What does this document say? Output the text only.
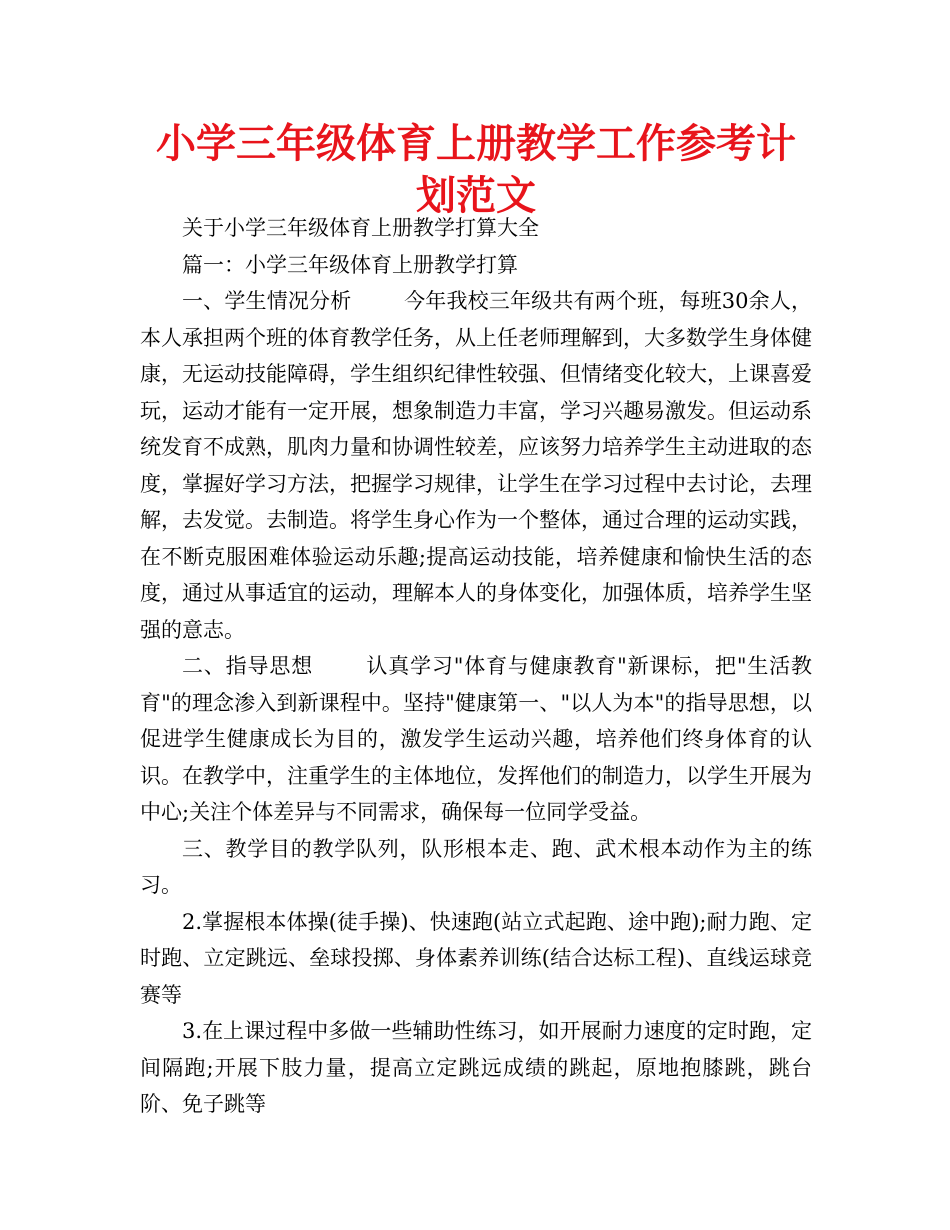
小学三年级体育上册教学工作参考计划范文

关于小学三年级体育上册教学打算大全

篇一：小学三年级体育上册教学打算

一、学生情况分析	今年我校三年级共有两个班，每班30余人，本人承担两个班的体育教学任务，从上任老师理解到，大多数学生身体健康，无运动技能障碍，学生组织纪律性较强、但情绪变化较大，上课喜爱玩，运动才能有一定开展，想象制造力丰富，学习兴趣易激发。但运动系统发育不成熟，肌肉力量和协调性较差，应该努力培养学生主动进取的态度，掌握好学习方法，把握学习规律，让学生在学习过程中去讨论，去理解，去发觉。去制造。将学生身心作为一个整体，通过合理的运动实践，在不断克服困难体验运动乐趣;提高运动技能，培养健康和愉快生活的态度，通过从事适宜的运动，理解本人的身体变化，加强体质，培养学生坚强的意志。

二、指导思想	认真学习"体育与健康教育"新课标，把"生活教育"的理念渗入到新课程中。坚持"健康第一、"以人为本"的指导思想，以促进学生健康成长为目的，激发学生运动兴趣，培养他们终身体育的认识。在教学中，注重学生的主体地位，发挥他们的制造力，以学生开展为中心;关注个体差异与不同需求，确保每一位同学受益。

三、教学目的教学队列，队形根本走、跑、武术根本动作为主的练习。

2.掌握根本体操(徒手操)、快速跑(站立式起跑、途中跑);耐力跑、定时跑、立定跳远、垒球投掷、身体素养训练(结合达标工程)、直线运球竞赛等

3.在上课过程中多做一些辅助性练习，如开展耐力速度的定时跑，定间隔跑;开展下肢力量，提高立定跳远成绩的跳起，原地抱膝跳，跳台阶、免子跳等
